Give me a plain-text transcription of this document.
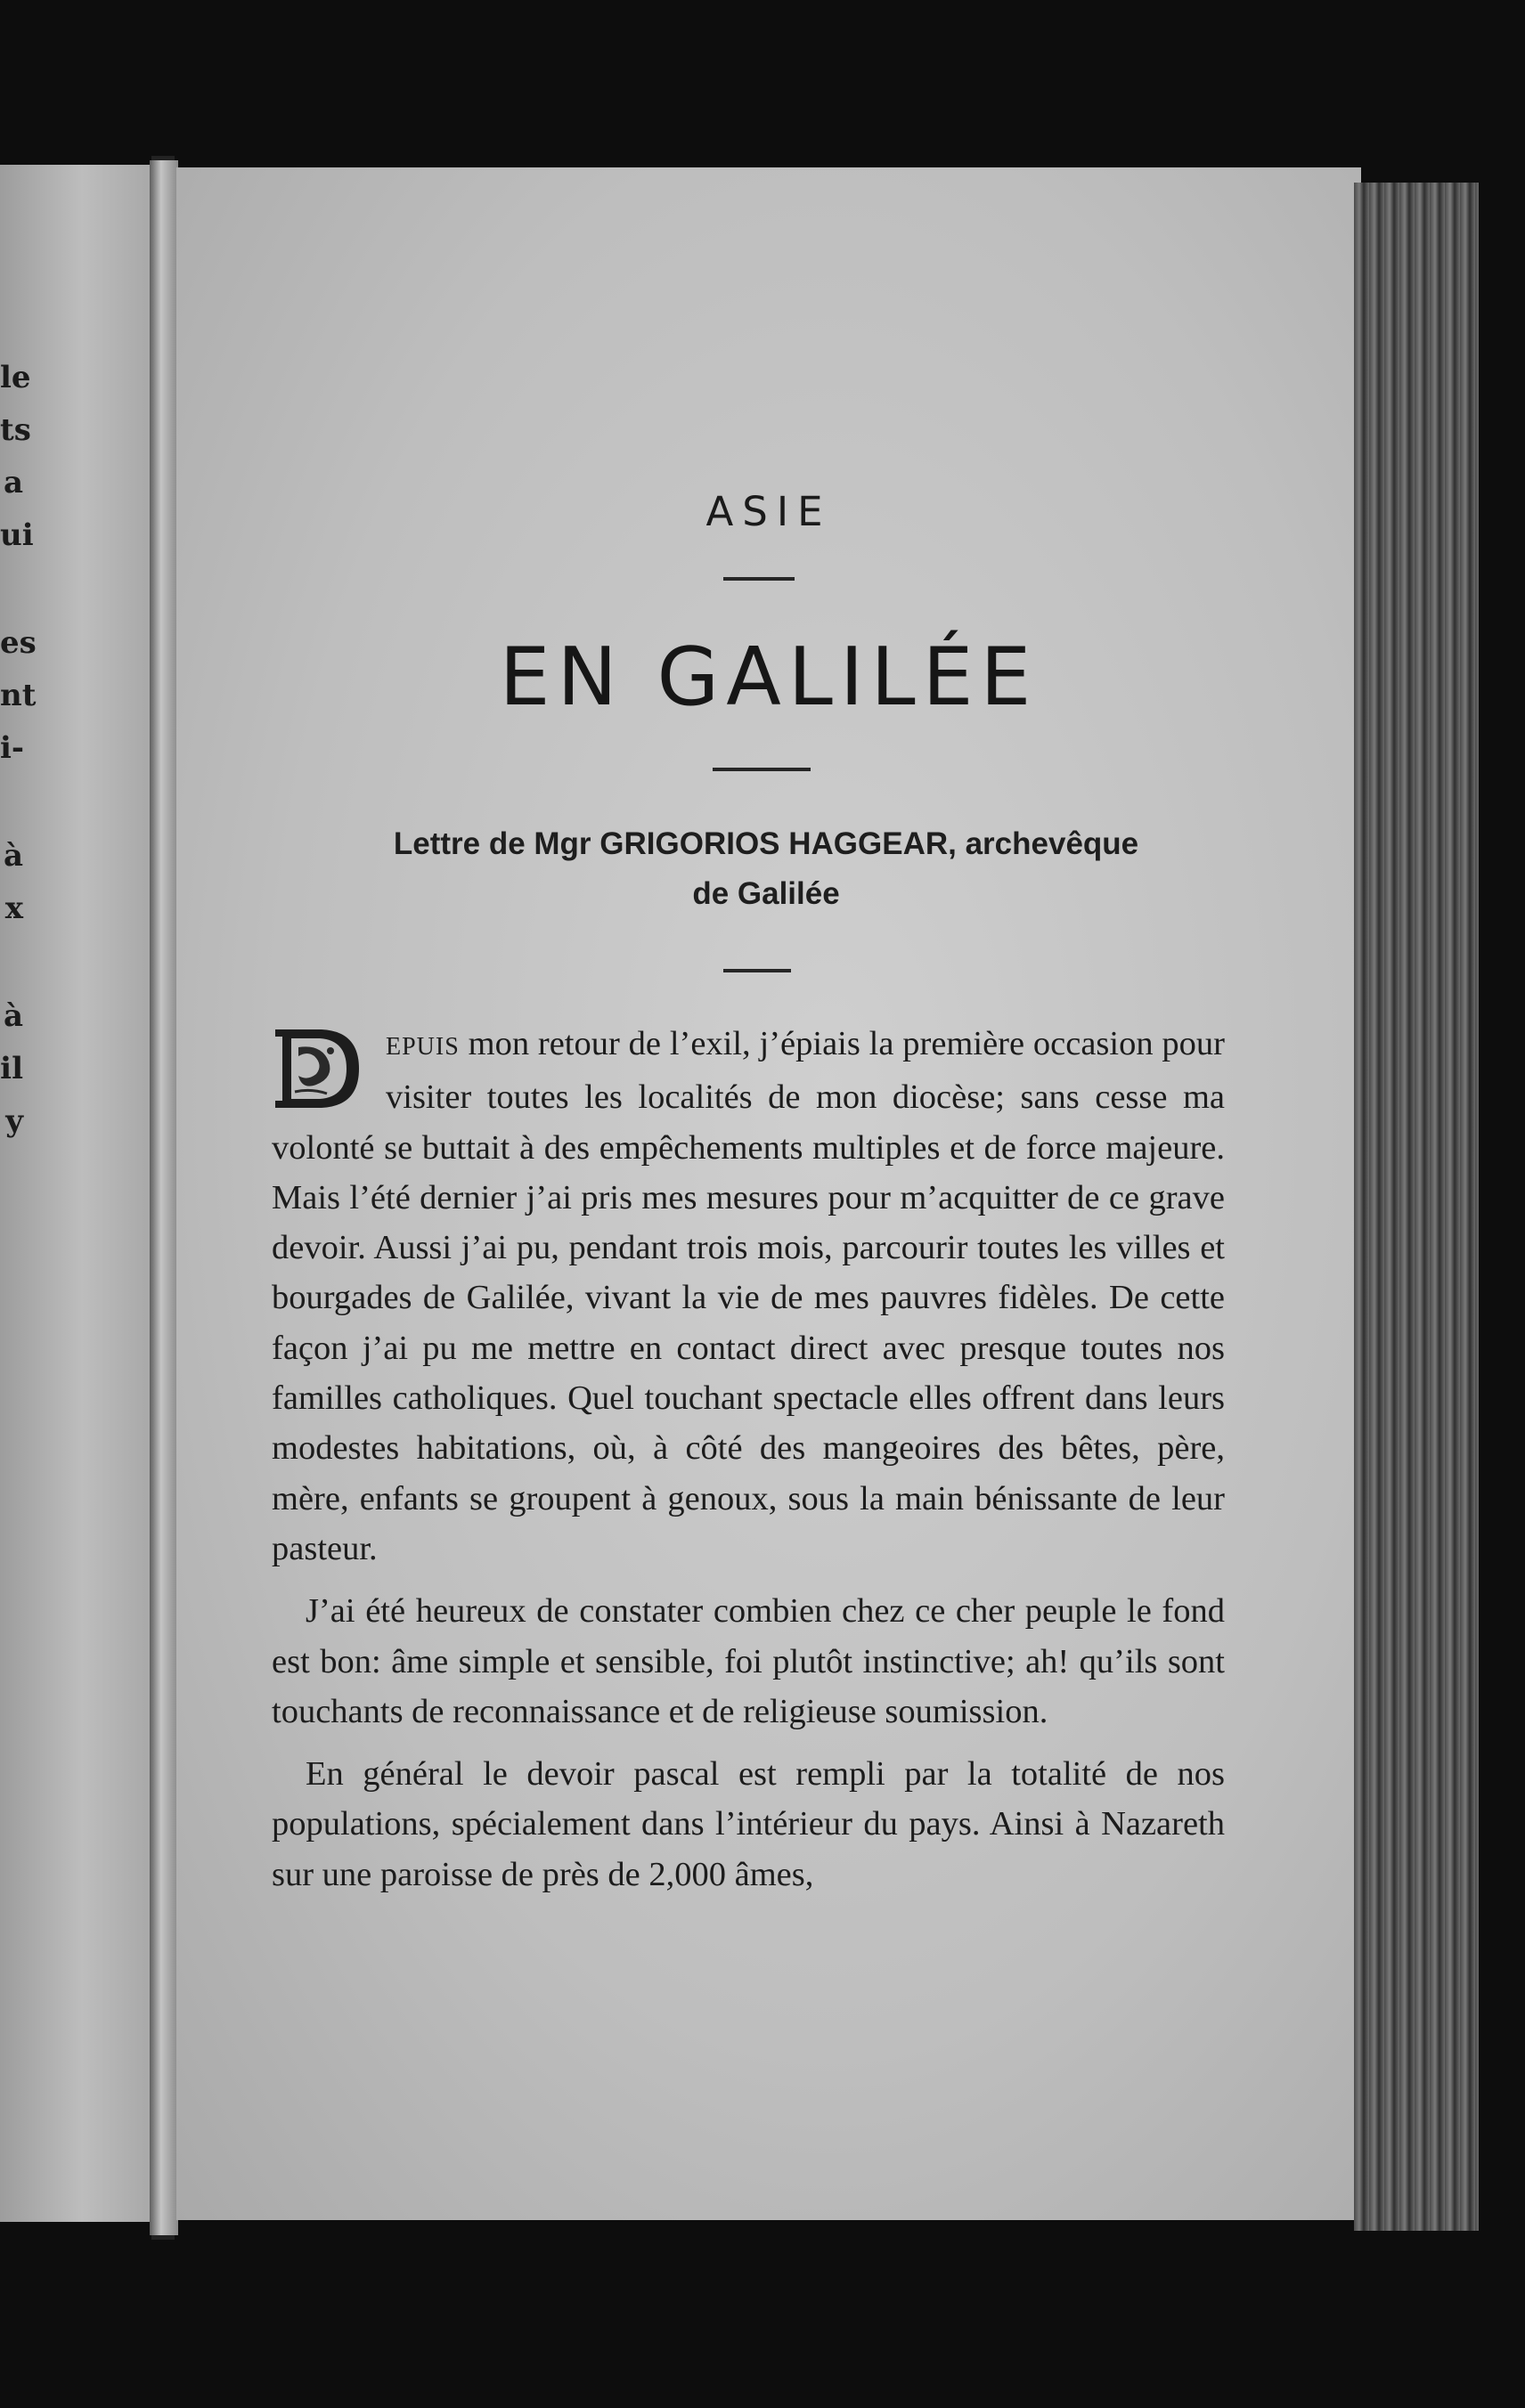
le
ts
a
ui
es
nt
i-
à
x
à
il
y
ASIE
EN GALILÉE
Lettre de Mgr GRIGORIOS HAGGEAR, archevêque
de Galilée

EPUIS mon retour de l’exil, j’épiais la première occasion pour visiter toutes les localités de mon diocèse; sans cesse ma volonté se buttait à des empêchements multiples et de force majeure. Mais l’été dernier j’ai pris mes mesures pour m’acquitter de ce grave devoir. Aussi j’ai pu, pendant trois mois, parcourir toutes les villes et bourgades de Galilée, vivant la vie de mes pauvres fidèles. De cette façon j’ai pu me mettre en contact direct avec presque toutes nos familles catholiques. Quel touchant spectacle elles offrent dans leurs modestes habitations, où, à côté des mangeoires des bêtes, père, mère, enfants se groupent à genoux, sous la main bénissante de leur pasteur.

J’ai été heureux de constater combien chez ce cher peuple le fond est bon: âme simple et sensible, foi plutôt instinctive; ah! qu’ils sont touchants de reconnaissance et de religieuse soumission.

En général le devoir pascal est rempli par la totalité de nos populations, spécialement dans l’intérieur du pays. Ainsi à Nazareth sur une paroisse de près de 2,000 âmes,
